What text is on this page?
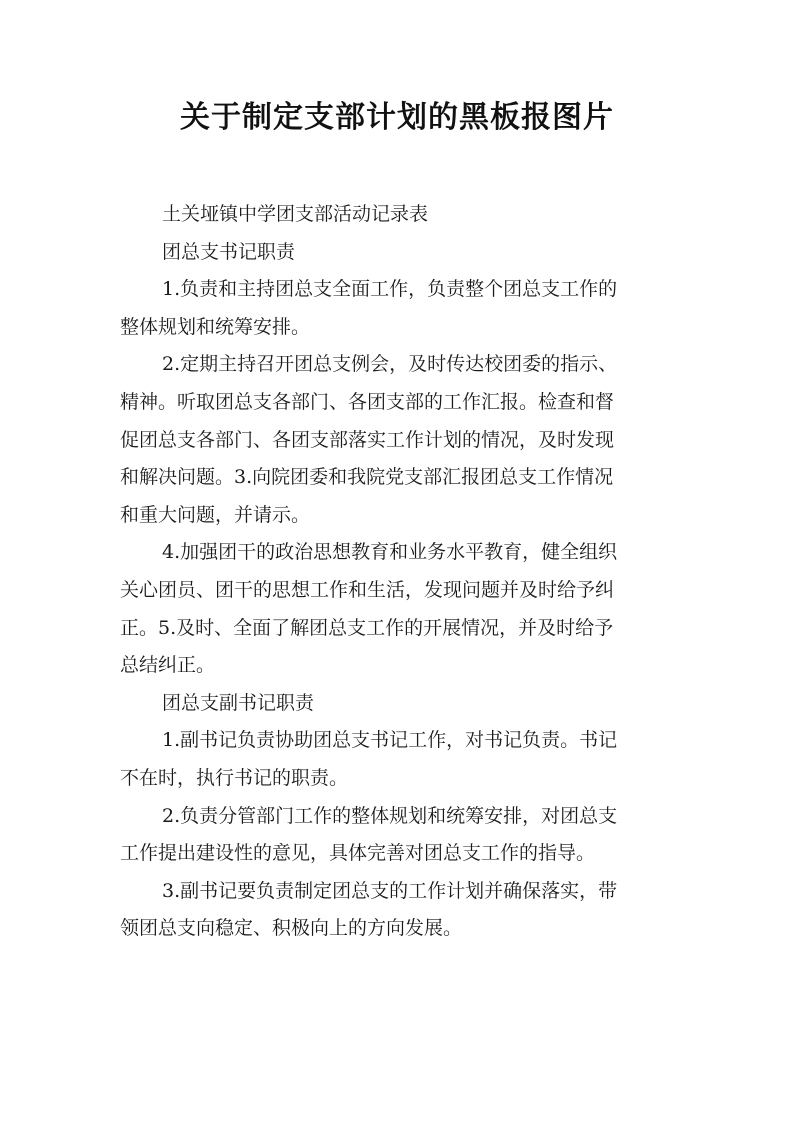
关于制定支部计划的黑板报图片
土关垭镇中学团支部活动记录表
团总支书记职责
1.负责和主持团总支全面工作，负责整个团总支工作的
整体规划和统筹安排。
2.定期主持召开团总支例会，及时传达校团委的指示、
精神。听取团总支各部门、各团支部的工作汇报。检查和督
促团总支各部门、各团支部落实工作计划的情况，及时发现
和解决问题。3.向院团委和我院党支部汇报团总支工作情况
和重大问题，并请示。
4.加强团干的政治思想教育和业务水平教育，健全组织
关心团员、团干的思想工作和生活，发现问题并及时给予纠
正。5.及时、全面了解团总支工作的开展情况，并及时给予
总结纠正。
团总支副书记职责
1.副书记负责协助团总支书记工作，对书记负责。书记
不在时，执行书记的职责。
2.负责分管部门工作的整体规划和统筹安排，对团总支
工作提出建设性的意见，具体完善对团总支工作的指导。
3.副书记要负责制定团总支的工作计划并确保落实，带
领团总支向稳定、积极向上的方向发展。
